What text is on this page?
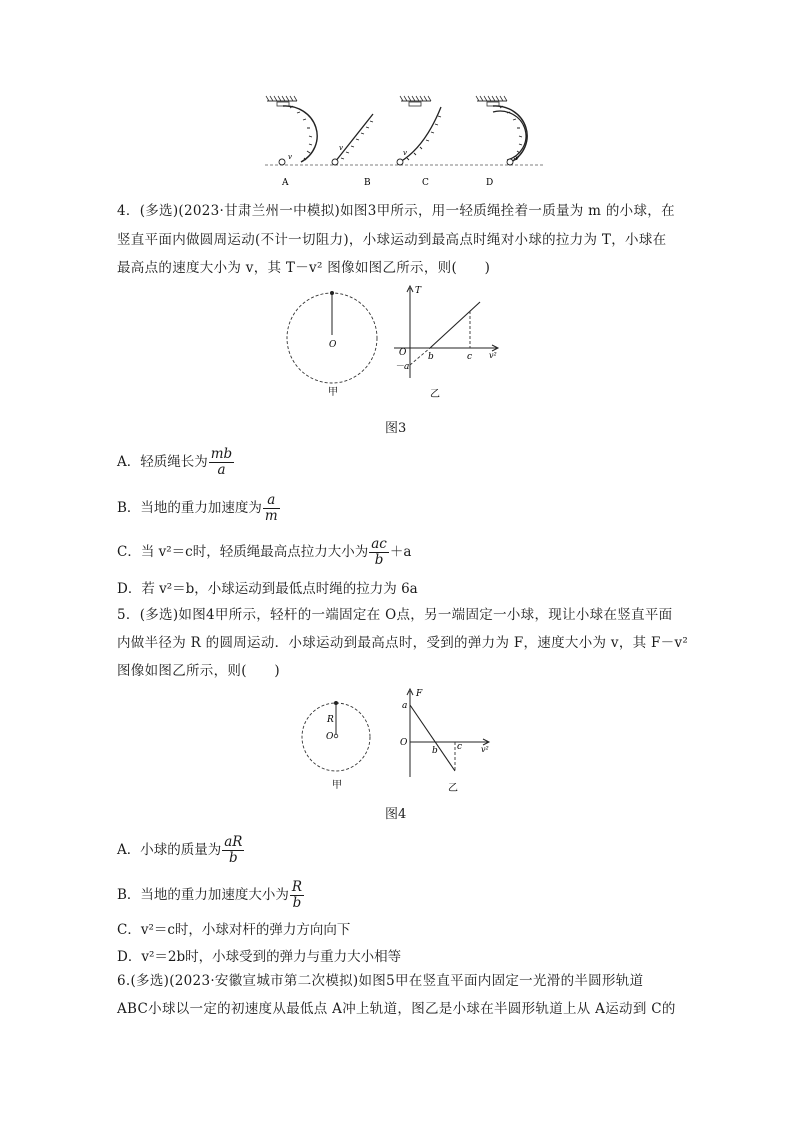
v
v
v
v
A	B	C	D
4．(多选)(2023·甘肃兰州一中模拟)如图3甲所示，用一轻质绳拴着一质量为 m 的小球，在
竖直平面内做圆周运动(不计一切阻力)，小球运动到最高点时绳对小球的拉力为 T，小球在
最高点的速度大小为 v，其 T－v² 图像如图乙所示，则(　　)
O
甲
T
v²
O b	c
－a
乙
图3
A．轻质绳长为 $\frac{mb}{a}$
B．当地的重力加速度为 $\frac{a}{m}$
C．当 v²＝c时，轻质绳最高点拉力大小为 $\frac{ac}{b} +a$
D．若 v²＝b，小球运动到最低点时绳的拉力为 6a
5．(多选)如图4甲所示，轻杆的一端固定在 O点，另一端固定一小球，现让小球在竖直平面
内做半径为 R 的圆周运动．小球运动到最高点时，受到的弹力为 F，速度大小为 v，其 F－v²
图像如图乙所示，则(　　)
R
O
甲
F
v²
a
O
b c
乙
图4
A．小球的质量为 $\frac{aR}{b}$
B．当地的重力加速度大小为 $\frac{R}{b}$
C．v²＝c时，小球对杆的弹力方向向下
D．v²＝2b时，小球受到的弹力与重力大小相等
6.(多选)(2023·安徽宣城市第二次模拟)如图5甲在竖直平面内固定一光滑的半圆形轨道
ABC小球以一定的初速度从最低点 A冲上轨道，图乙是小球在半圆形轨道上从 A运动到 C的
